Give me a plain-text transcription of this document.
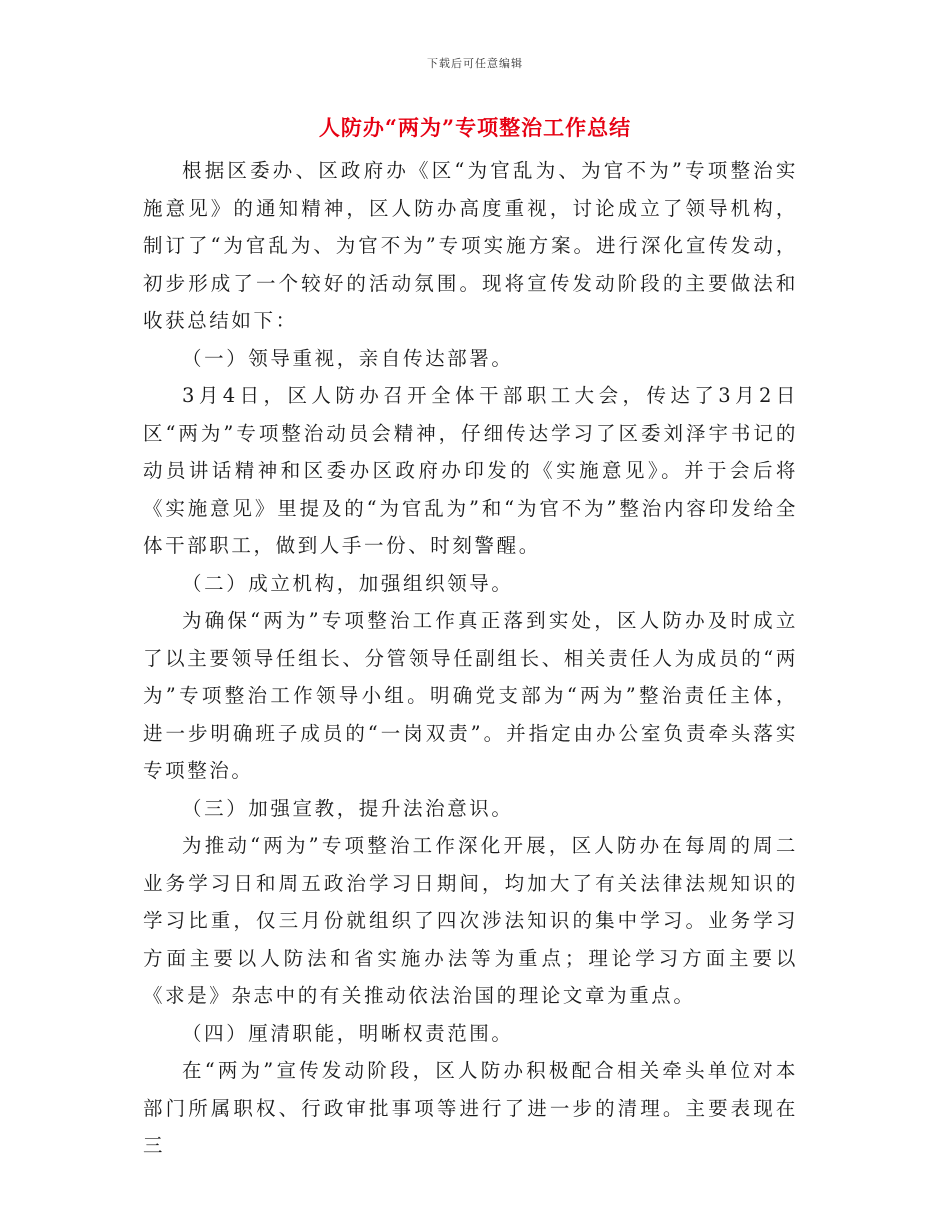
下载后可任意编辑
人防办“两为”专项整治工作总结

根据区委办、区政府办《区“为官乱为、为官不为”专项整治实施意见》的通知精神，区人防办高度重视，讨论成立了领导机构，制订了“为官乱为、为官不为”专项实施方案。进行深化宣传发动，初步形成了一个较好的活动氛围。现将宣传发动阶段的主要做法和收获总结如下：

（一）领导重视，亲自传达部署。

3月4日，区人防办召开全体干部职工大会，传达了3月2日区“两为”专项整治动员会精神，仔细传达学习了区委刘泽宇书记的动员讲话精神和区委办区政府办印发的《实施意见》。并于会后将《实施意见》里提及的“为官乱为”和“为官不为”整治内容印发给全体干部职工，做到人手一份、时刻警醒。

（二）成立机构，加强组织领导。

为确保“两为”专项整治工作真正落到实处，区人防办及时成立了以主要领导任组长、分管领导任副组长、相关责任人为成员的“两为”专项整治工作领导小组。明确党支部为“两为”整治责任主体，进一步明确班子成员的“一岗双责”。并指定由办公室负责牵头落实专项整治。

（三）加强宣教，提升法治意识。

为推动“两为”专项整治工作深化开展，区人防办在每周的周二业务学习日和周五政治学习日期间，均加大了有关法律法规知识的学习比重，仅三月份就组织了四次涉法知识的集中学习。业务学习方面主要以人防法和省实施办法等为重点；理论学习方面主要以《求是》杂志中的有关推动依法治国的理论文章为重点。

（四）厘清职能，明晰权责范围。

在“两为”宣传发动阶段，区人防办积极配合相关牵头单位对本部门所属职权、行政审批事项等进行了进一步的清理。主要表现在三
